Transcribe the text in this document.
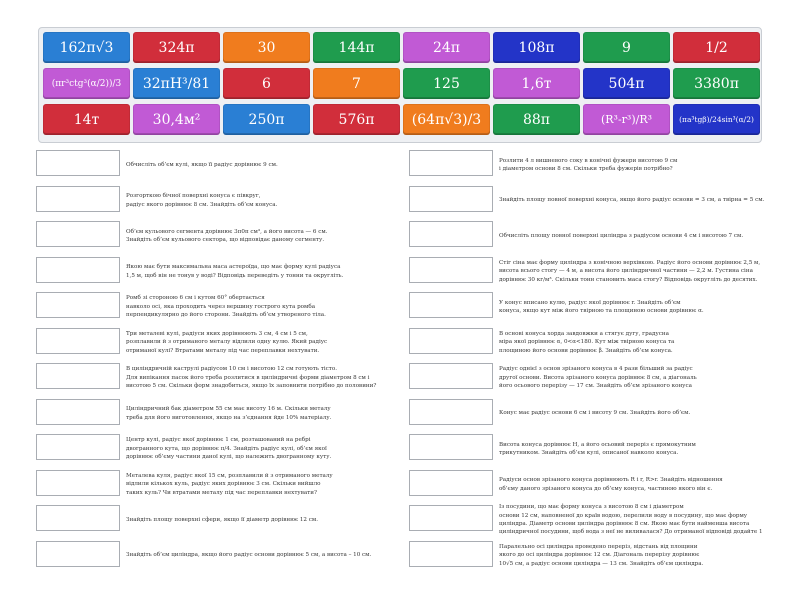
162π√3	324π	30	144π	24π	108π	9	1/2
(πr³ctg³(α/2))/3	32πH³/81	6	7	125	1,6т	504π	3380π
14т	30,4м²	250π	576π	(64π√3)/3	88π	(R³-r³)/R³	(πa³tgβ)/24sin³(α/2)
Обчисліть об’єм кулі, якщо її радіус дорівнює 9 см.
Розгорткою бічної поверхні конуса є півкруг,
радіус якого дорівнює 8 см. Знайдіть об’єм конуса.
Об’єм кульового сегмента дорівнює 3π0π см³, а його висота — 6 см.
Знайдіть об’єм кульового сектора, що відповідає даному сегменту.
Якою має бути максимальна маса астероїда, що має форму кулі радіуса
1,5 м, щоб він не тонув у воді? Відповідь переведіть у тонни та округліть.
Ромб зі стороною 6 см і кутом 60° обертається
навколо осі, яка проходить через вершину гострого кута ромба
перпендикулярно до його сторони. Знайдіть об’єм утвореного тіла.
Три металеві кулі, радіуси яких дорівнюють 3 см, 4 см і 5 см,
розплавили й з отриманого металу відлили одну кулю. Який радіус
отриманої кулі? Втратами металу під час переплавки нехтувати.
В циліндричній каструлі радіусом 10 см і висотою 12 см готують тісто.
Для випікання пасок його треба розлитися в циліндричні форми діаметром 8 см і
висотою 5 см. Скільки форм знадобиться, якщо їх заповнити потрібно до половини?
Циліндричний бак діаметром 55 см має висоту 16 м. Скільки металу
треба для його виготовлення, якщо на з’єднання йде 10% матеріалу.
Центр кулі, радіус якої дорівнює 1 см, розташований на ребрі
двогранного кута, що дорівнює π/4. Знайдіть радіус кулі, об’єм якої
дорівнює об’єму частини даної кулі, що належить двогранному куту.
Металева куля, радіус якої 15 см, розплавили й з отриманого металу
відлили кількох куль, радіус яких дорівнює 3 см. Скільки вийшло
таких куль? Чи втратами металу під час переплавки нехтувати?
Знайдіть площу поверхні сфери, якщо її діаметр дорівнює 12 см.
Знайдіть об’єм циліндра, якщо його радіус основи дорівнює 5 см, а висота – 10 см.
Розлити 4 л вишневого соку в конічні фужери висотою 9 см
і діаметром основи 8 см. Скільки треба фужерів потрібно?
Знайдіть площу повної поверхні конуса, якщо його радіус основи = 3 см, а твірна = 5 см.
Обчисліть площу повної поверхні циліндра з радіусом основи 4 см і висотою 7 см.
Стіг сіна має форму циліндра з конічною верхівкою. Радіус його основи дорівнює 2,5 м,
висота всього стогу — 4 м, а висота його циліндричної частини — 2,2 м. Густина сіна
дорівнює 30 кг/м³. Скільки тонн становить маса стогу? Відповідь округліть до десятих.
У конус вписано кулю, радіус якої дорівнює r. Знайдіть об’єм
конуса, якщо кут між його твірною та площиною основи дорівнює α.
В основі конуса хорда завдовжки a стягує дугу, градусна
міра якої дорівнює α, 0<α<180. Кут між твірною конуса та
площиною його основи дорівнює β. Знайдіть об’єм конуса.
Радіус однієї з основ зрізаного конуса в 4 рази більший за радіус
другої основи. Висота зрізаного конуса дорівнює 8 см, а діагональ
його осьового перерізу — 17 см. Знайдіть об’єм зрізаного конуса
Конус має радіус основи 6 см і висоту 9 см. Знайдіть його об’єм.
Висота конуса дорівнює H, а його осьовий переріз є прямокутним
трикутником. Знайдіть об’єм кулі, описаної навколо конуса.
Радіуси основ зрізаного конуса дорівнюють R і r, R>r. Знайдіть відношення
об’єму даного зрізаного конуса до об’єму конуса, частиною якого він є.
Із посудини, що має форму конуса з висотою 8 см і діаметром
основи 12 см, наповненої до країв водою, перелили воду в посудину, що має форму
циліндра. Діаметр основи циліндра дорівнює 8 см. Якою має бути найменша висота
циліндричної посудини, щоб вода з неї не виливалася? До отриманої відповіді додайте 1
Паралельно осі циліндра проведено переріз, відстань від площини
якого до осі циліндра дорівнює 12 см. Діагональ перерізу дорівнює
10√5 см, а радіус основи циліндра — 13 см. Знайдіть об’єм циліндра.
